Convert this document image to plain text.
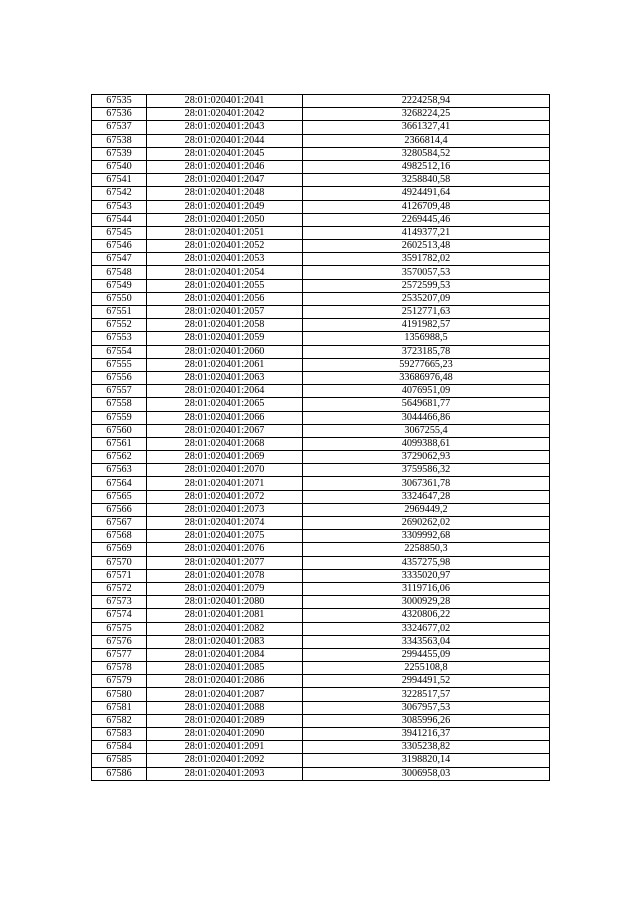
67535	28:01:020401:2041	2224258,94
67536	28:01:020401:2042	3268224,25
67537	28:01:020401:2043	3661327,41
67538	28:01:020401:2044	2366814,4
67539	28:01:020401:2045	3280584,52
67540	28:01:020401:2046	4982512,16
67541	28:01:020401:2047	3258840,58
67542	28:01:020401:2048	4924491,64
67543	28:01:020401:2049	4126709,48
67544	28:01:020401:2050	2269445,46
67545	28:01:020401:2051	4149377,21
67546	28:01:020401:2052	2602513,48
67547	28:01:020401:2053	3591782,02
67548	28:01:020401:2054	3570057,53
67549	28:01:020401:2055	2572599,53
67550	28:01:020401:2056	2535207,09
67551	28:01:020401:2057	2512771,63
67552	28:01:020401:2058	4191982,57
67553	28:01:020401:2059	1356988,5
67554	28:01:020401:2060	3723185,78
67555	28:01:020401:2061	59277665,23
67556	28:01:020401:2063	33686976,48
67557	28:01:020401:2064	4076951,09
67558	28:01:020401:2065	5649681,77
67559	28:01:020401:2066	3044466,86
67560	28:01:020401:2067	3067255,4
67561	28:01:020401:2068	4099388,61
67562	28:01:020401:2069	3729062,93
67563	28:01:020401:2070	3759586,32
67564	28:01:020401:2071	3067361,78
67565	28:01:020401:2072	3324647,28
67566	28:01:020401:2073	2969449,2
67567	28:01:020401:2074	2690262,02
67568	28:01:020401:2075	3309992,68
67569	28:01:020401:2076	2258850,3
67570	28:01:020401:2077	4357275,98
67571	28:01:020401:2078	3335020,97
67572	28:01:020401:2079	3119716,06
67573	28:01:020401:2080	3000929,28
67574	28:01:020401:2081	4320806,22
67575	28:01:020401:2082	3324677,02
67576	28:01:020401:2083	3343563,04
67577	28:01:020401:2084	2994455,09
67578	28:01:020401:2085	2255108,8
67579	28:01:020401:2086	2994491,52
67580	28:01:020401:2087	3228517,57
67581	28:01:020401:2088	3067957,53
67582	28:01:020401:2089	3085996,26
67583	28:01:020401:2090	3941216,37
67584	28:01:020401:2091	3305238,82
67585	28:01:020401:2092	3198820,14
67586	28:01:020401:2093	3006958,03
